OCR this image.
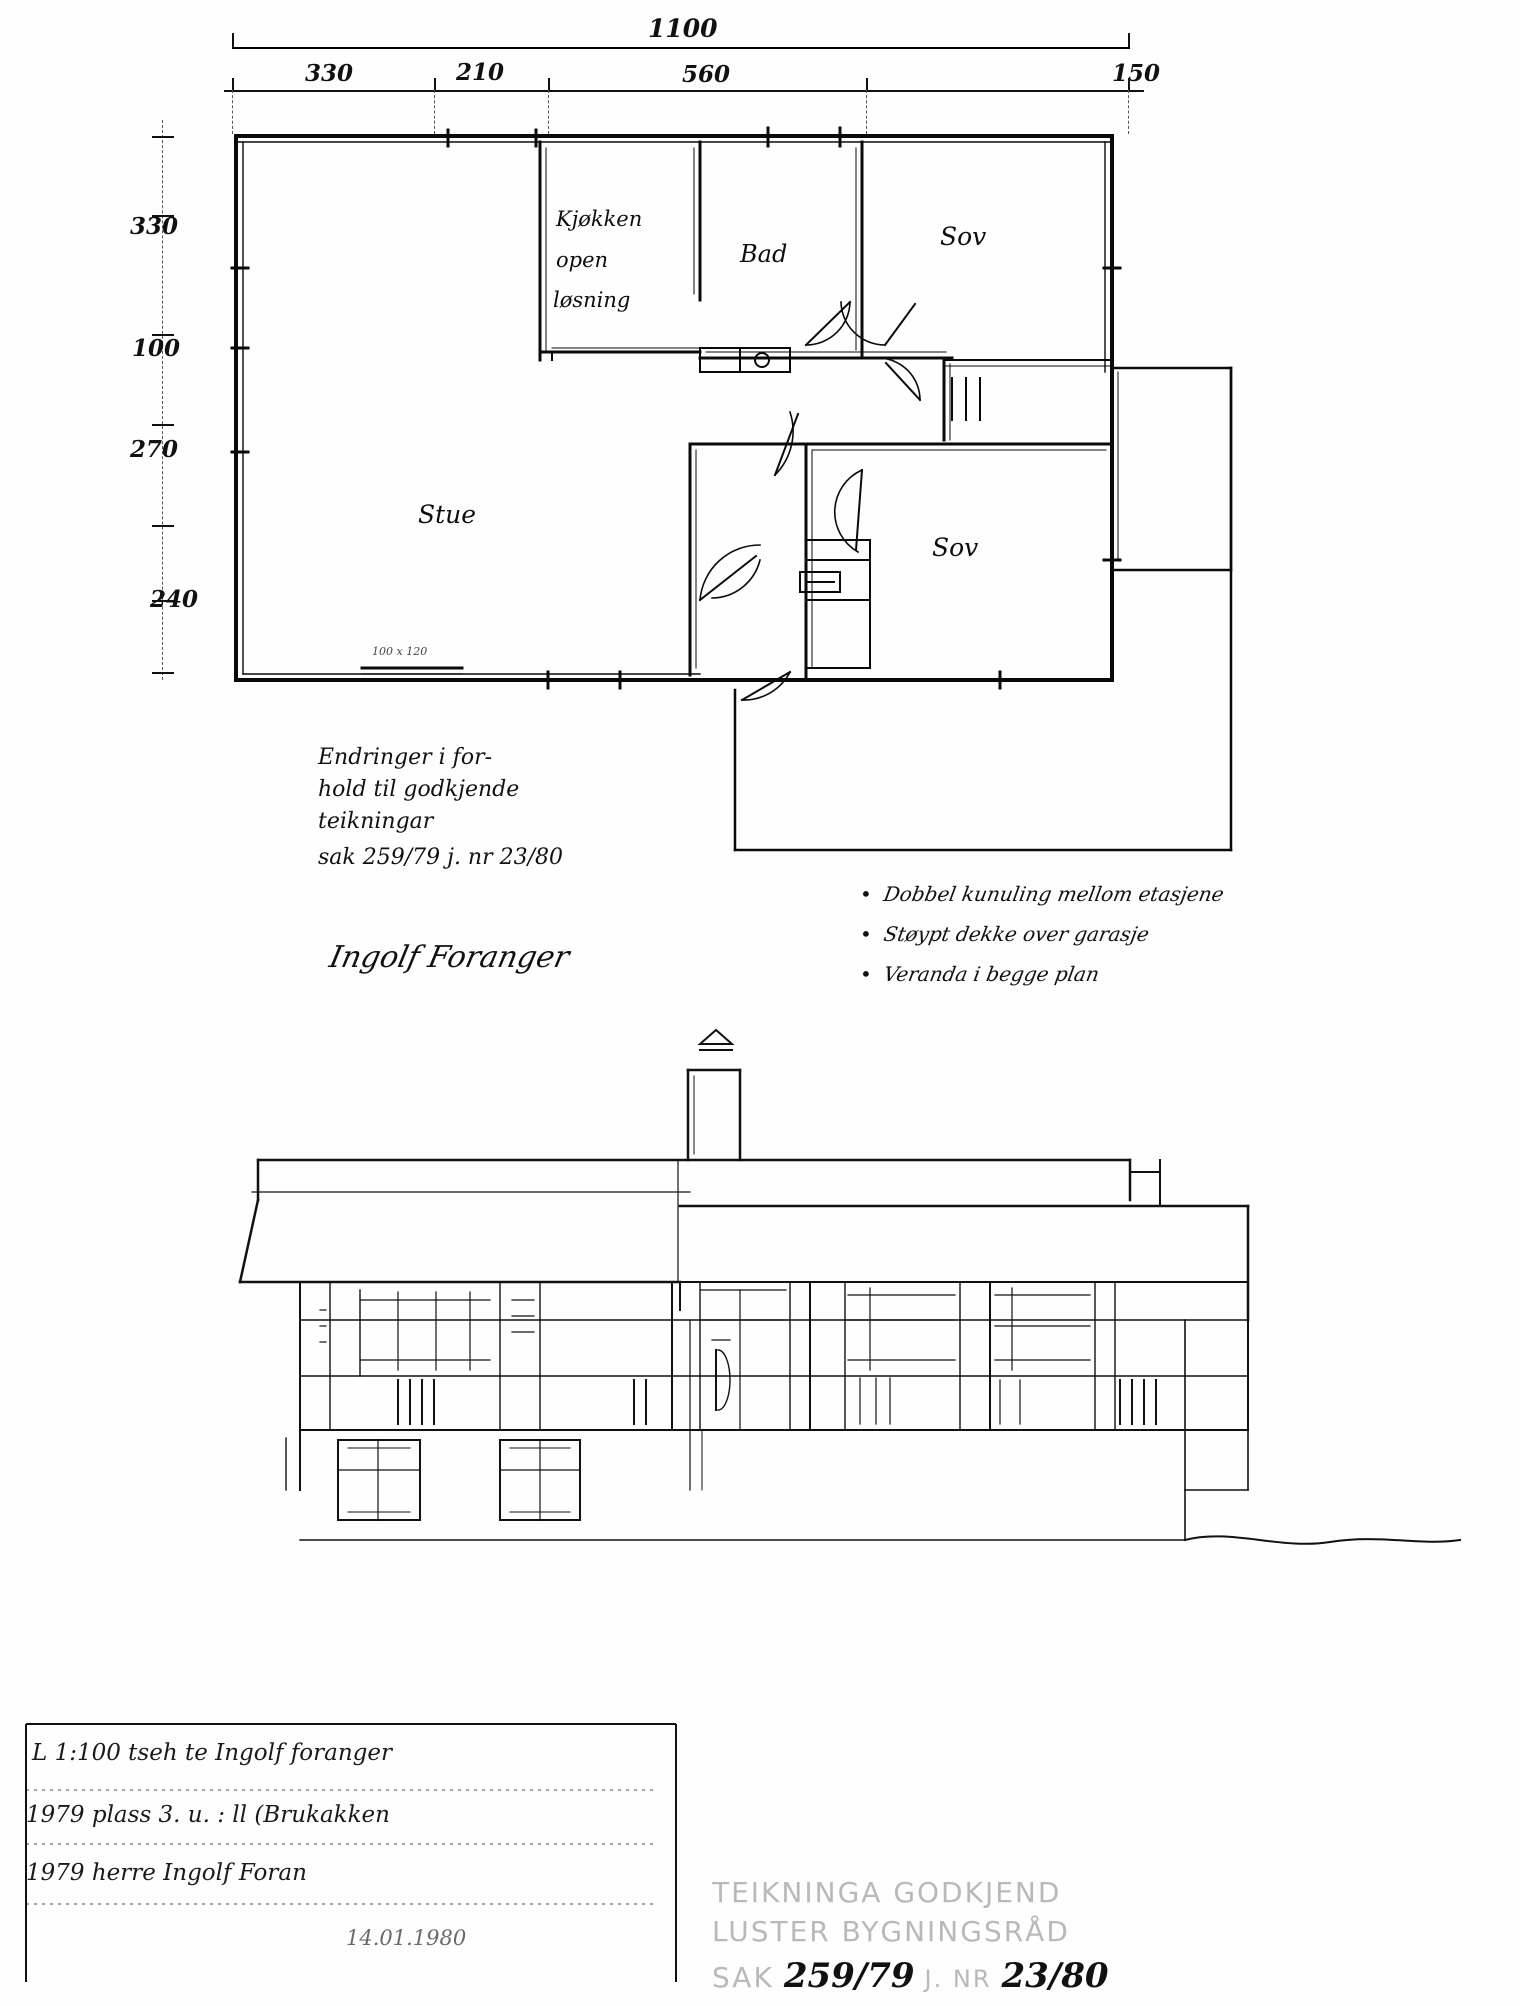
1100
330	210	560	150
330
100
270
240
Kjøkken
open
løsning
Bad
Sov
Sov
Stue
100 x 120
Endringer i for-
hold til godkjende
teikningar
sak 259/79 j. nr 23/80
Ingolf Foranger
• Dobbel kunuling mellom etasjene
• Støypt dekke over garasje
• Veranda i begge plan
L 1:100 tseh te Ingolf foranger
1979 plass 3. u. : ll (Brukakken
1979 herre Ingolf Foran
14.01.1980
TEIKNINGA GODKJEND
LUSTER BYGNINGSRÅD
SAK 259/79 J. NR 23/80
